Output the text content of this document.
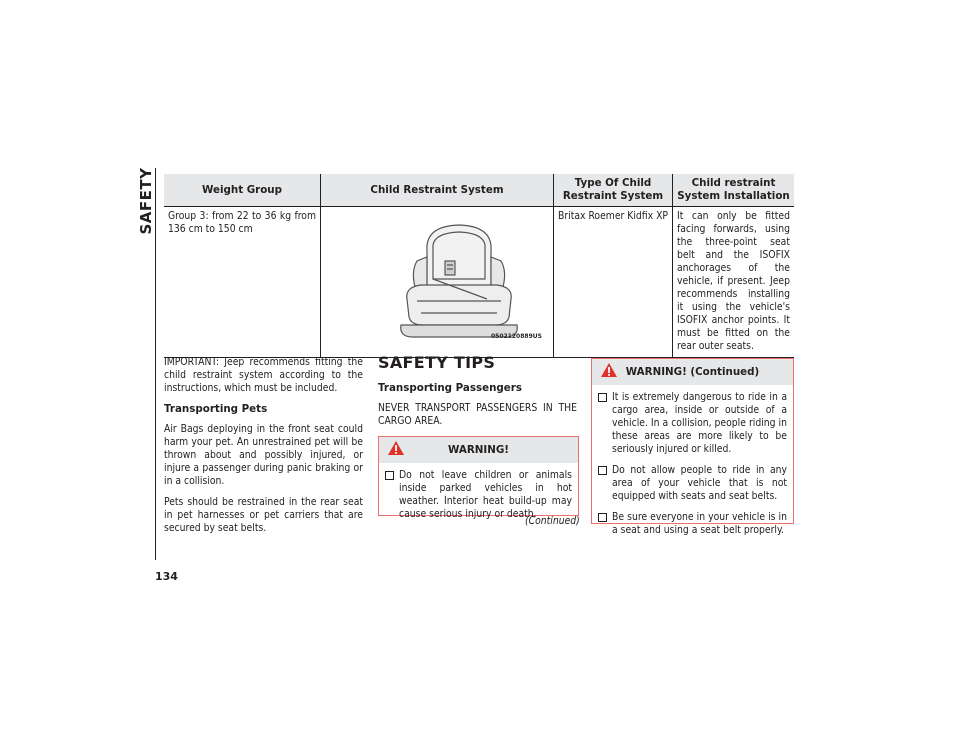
SAFETY
134
Weight Group	Child Restraint System	Type Of Child Restraint System	Child restraint System Installation
Group 3: from 22 to 36 kg from 136 cm to 150 cm	0502120889US	Britax Roemer Kidfix XP	It can only be fitted facing forwards, using the three-point seat belt and the ISOFIX anchorages of the vehicle, if present. Jeep recommends installing it using the vehicle's ISOFIX anchor points. It must be fitted on the rear outer seats.

IMPORTANT: Jeep recommends fitting the child restraint system according to the instructions, which must be included.

Transporting Pets

Air Bags deploying in the front seat could harm your pet. An unrestrained pet will be thrown about and possibly injured, or injure a passenger during panic braking or in a collision.

Pets should be restrained in the rear seat in pet harnesses or pet carriers that are secured by seat belts.

SAFETY TIPS
Transporting Passengers

NEVER TRANSPORT PASSENGERS IN THE CARGO AREA.

WARNING!
Do not leave children or animals inside parked vehicles in hot weather. Interior heat build-up may cause serious injury or death.
(Continued)
WARNING! (Continued)
It is extremely dangerous to ride in a cargo area, inside or outside of a vehicle. In a collision, people riding in these areas are more likely to be seriously injured or killed.
Do not allow people to ride in any area of your vehicle that is not equipped with seats and seat belts.
Be sure everyone in your vehicle is in a seat and using a seat belt properly.
